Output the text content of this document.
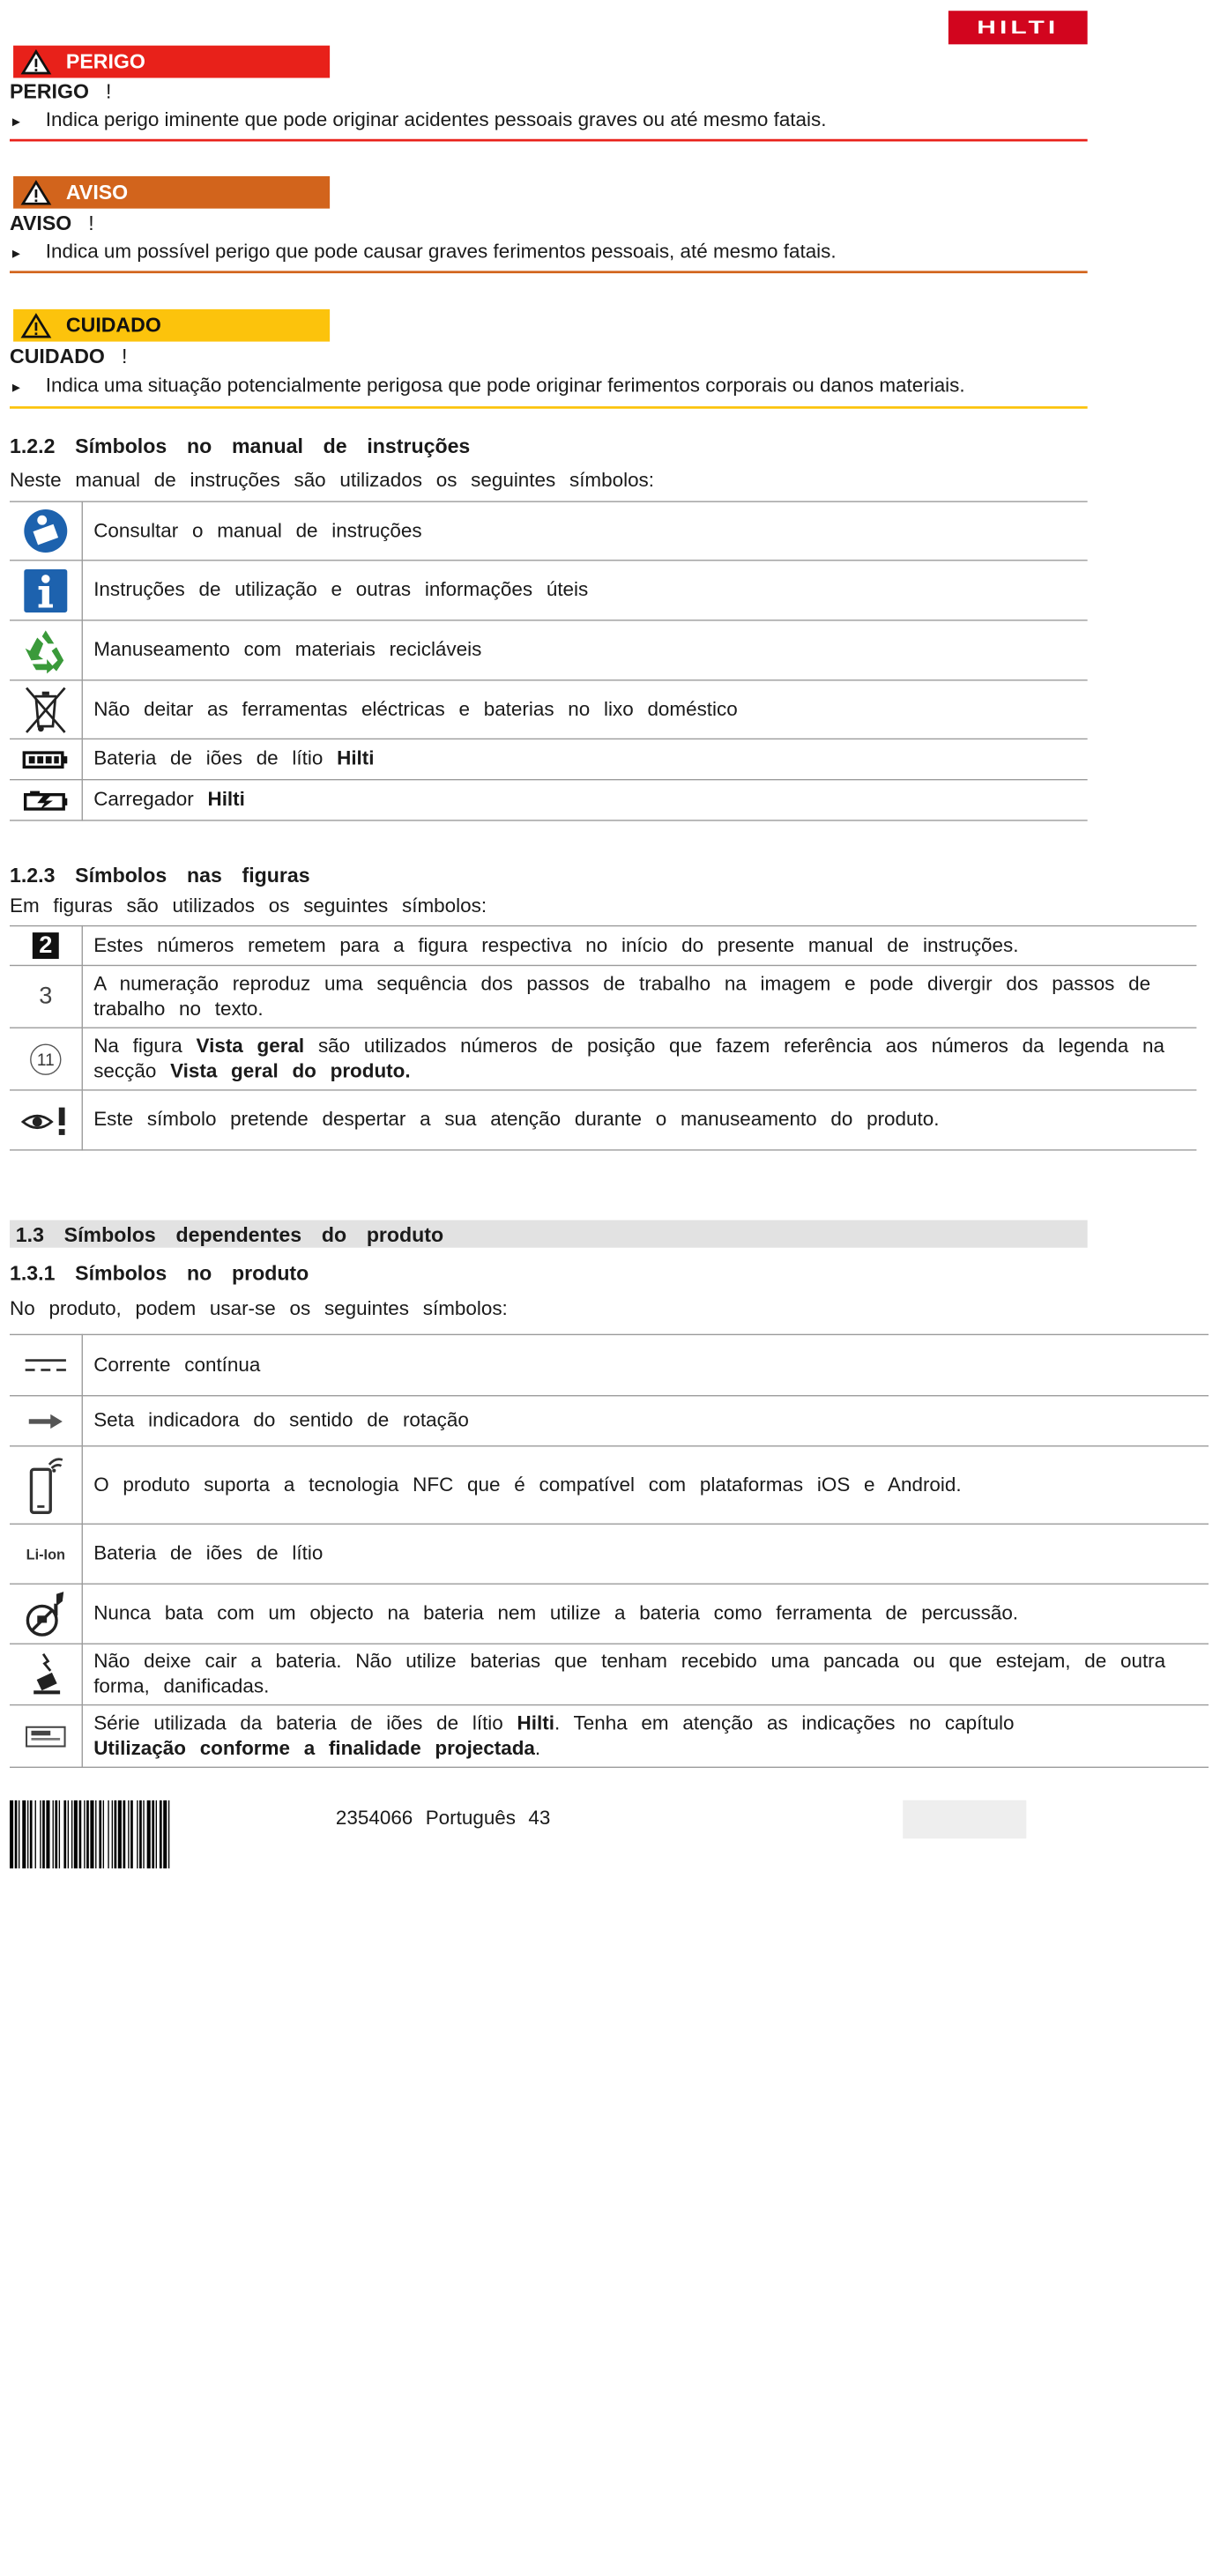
HILTI
PERIGO
PERIGO !
► Indica perigo iminente que pode originar acidentes pessoais graves ou até mesmo fatais.
AVISO
AVISO !
► Indica um possível perigo que pode causar graves ferimentos pessoais, até mesmo fatais.
CUIDADO
CUIDADO !
► Indica uma situação potencialmente perigosa que pode originar ferimentos corporais ou danos materiais.
1.2.2 Símbolos no manual de instruções
Neste manual de instruções são utilizados os seguintes símbolos:
	Consultar o manual de instruções

	Instruções de utilização e outras informações úteis

	Manuseamento com materiais recicláveis

	Não deitar as ferramentas eléctricas e baterias no lixo doméstico

	Bateria de iões de lítio Hilti

	Carregador Hilti
1.2.3 Símbolos nas figuras
Em figuras são utilizados os seguintes símbolos:
2	Estes números remetem para a figura respectiva no início do presente manual de instruções.
3	A numeração reproduz uma sequência dos passos de trabalho na imagem e pode divergir dos passos de trabalho no texto.
11	Na figura Vista geral são utilizados números de posição que fazem referência aos números da legenda na secção Vista geral do produto.

	Este símbolo pretende despertar a sua atenção durante o manuseamento do produto.
1.3 Símbolos dependentes do produto
1.3.1 Símbolos no produto
No produto, podem usar-se os seguintes símbolos:
	Corrente contínua

	Seta indicadora do sentido de rotação

	O produto suporta a tecnologia NFC que é compatível com plataformas iOS e Android.
Li-Ion	Bateria de iões de lítio

	Nunca bata com um objecto na bateria nem utilize a bateria como ferramenta de percussão.

	Não deixe cair a bateria. Não utilize baterias que tenham recebido uma pancada ou que estejam, de outra forma, danificadas.

	Série utilizada da bateria de iões de lítio Hilti. Tenha em atenção as indicações no capítulo Utilização conforme a finalidade projectada.
2354066 Português 43
